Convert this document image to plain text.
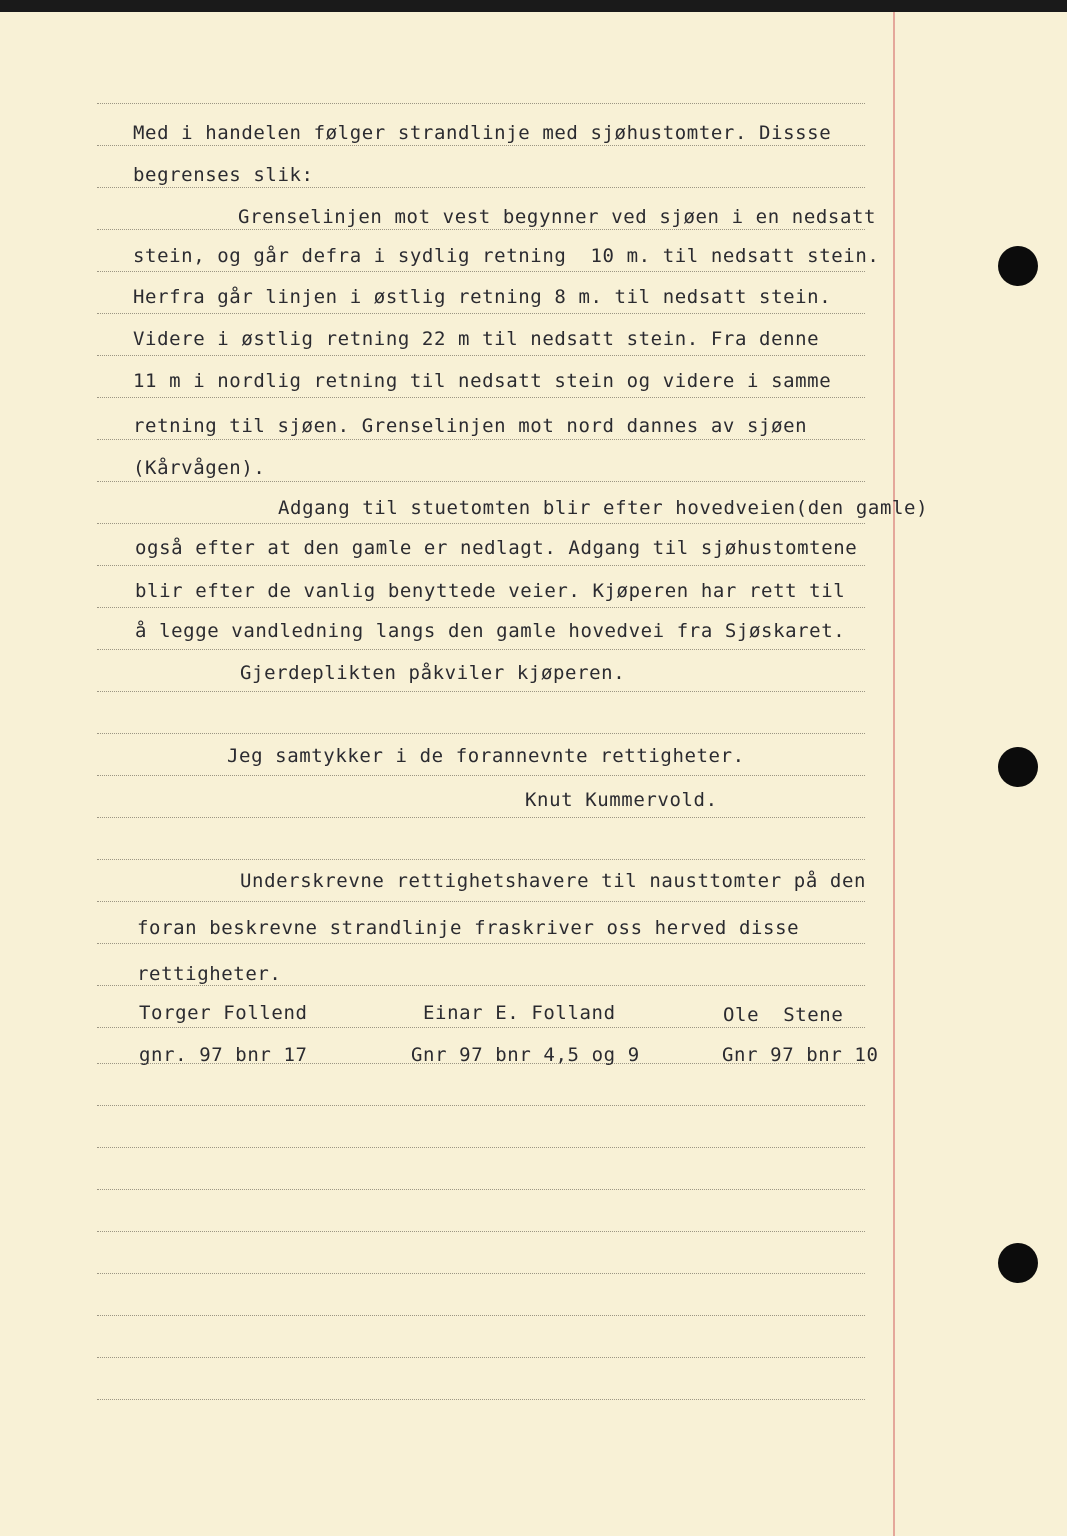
Med i handelen følger strandlinje med sjøhustomter. Dissse
begrenses slik:
Grenselinjen mot vest begynner ved sjøen i en nedsatt
stein, og går defra i sydlig retning  10 m. til nedsatt stein.
Herfra går linjen i østlig retning 8 m. til nedsatt stein.
Videre i østlig retning 22 m til nedsatt stein. Fra denne
11 m i nordlig retning til nedsatt stein og videre i samme
retning til sjøen. Grenselinjen mot nord dannes av sjøen
(Kårvågen).
Adgang til stuetomten blir efter hovedveien(den gamle)
også efter at den gamle er nedlagt. Adgang til sjøhustomtene
blir efter de vanlig benyttede veier. Kjøperen har rett til
å legge vandledning langs den gamle hovedvei fra Sjøskaret.
Gjerdeplikten påkviler kjøperen.
Jeg samtykker i de forannevnte rettigheter.
Knut Kummervold.
Underskrevne rettighetshavere til nausttomter på den
foran beskrevne strandlinje fraskriver oss herved disse
rettigheter.
Torger Follend
gnr. 97 bnr 17
Einar E. Folland
Gnr 97 bnr 4,5 og 9
Ole  Stene
Gnr 97 bnr 10
